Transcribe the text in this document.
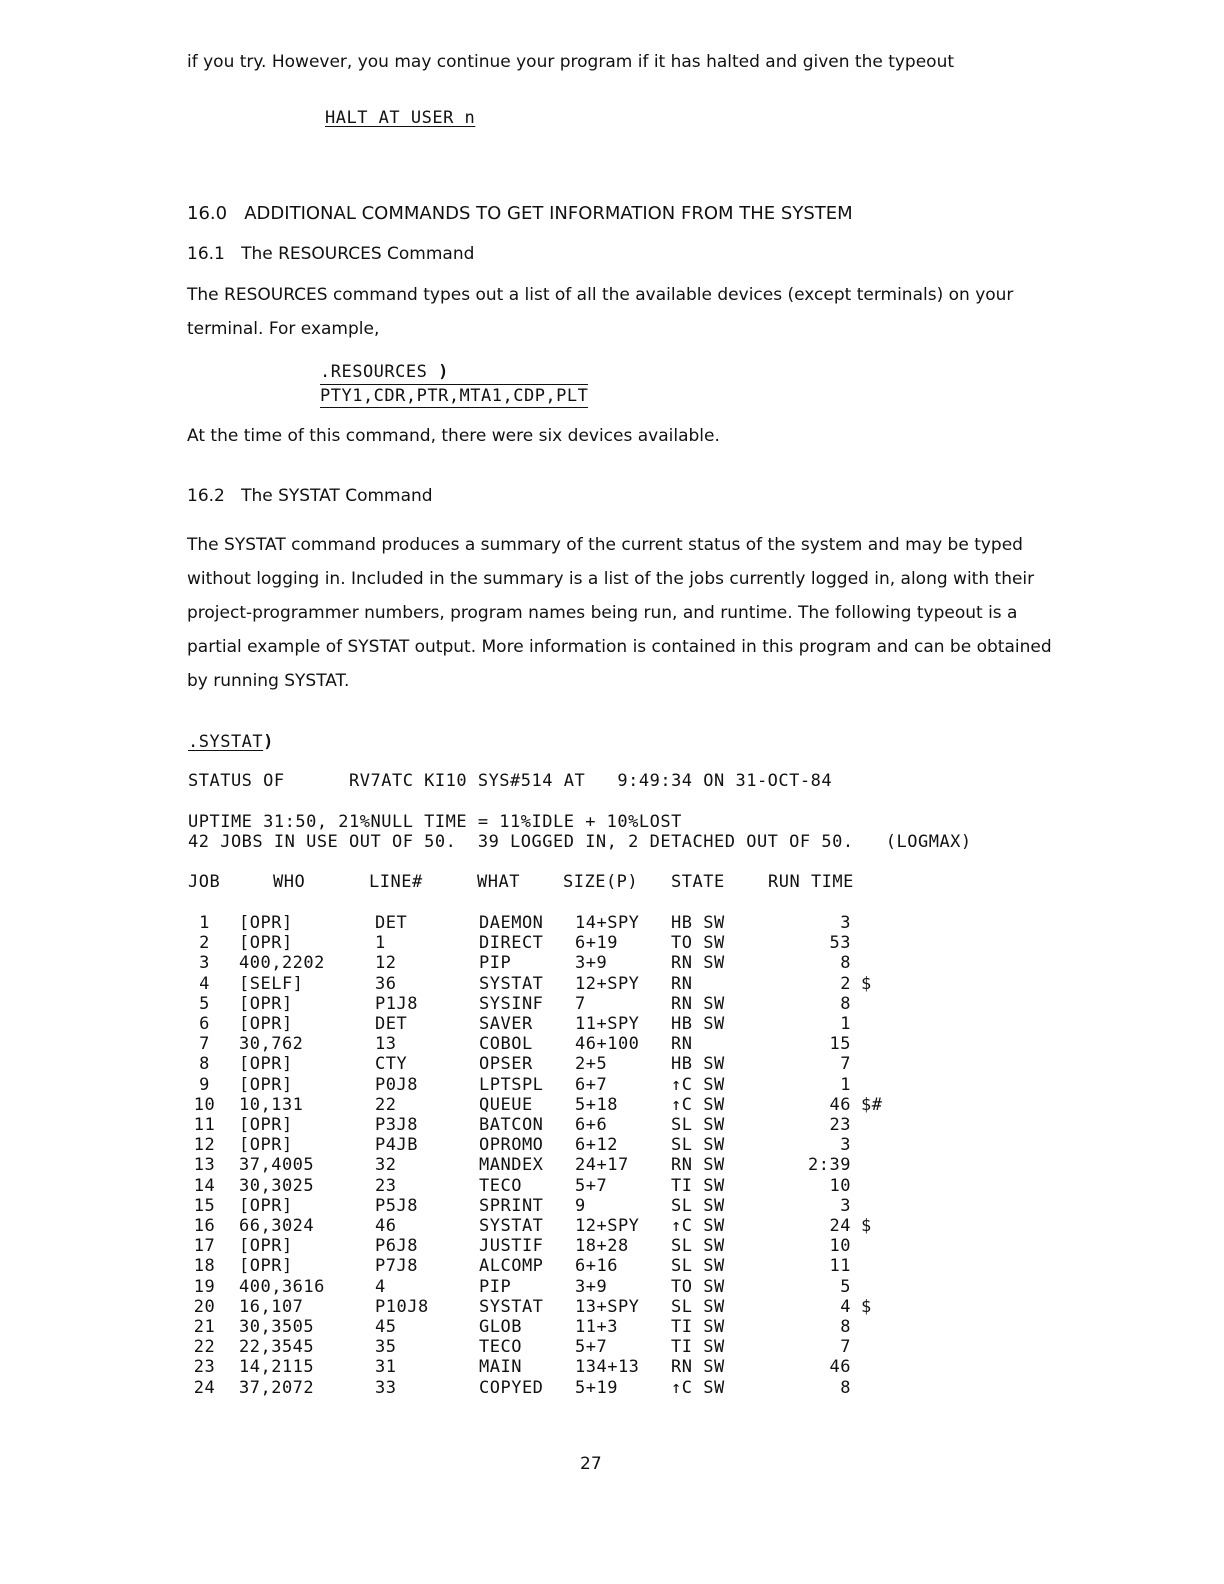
if you try. However, you may continue your program if it has halted and given the typeout
HALT AT USER n
16.0   ADDITIONAL COMMANDS TO GET INFORMATION FROM THE SYSTEM
16.1   The RESOURCES Command
The RESOURCES command types out a list of all the available devices (except terminals) on your terminal. For example,
.RESOURCES )
PTY1,CDR,PTR,MTA1,CDP,PLT
At the time of this command, there were six devices available.
16.2   The SYSTAT Command
The SYSTAT command produces a summary of the current status of the system and may be typed without logging in. Included in the summary is a list of the jobs currently logged in, along with their project-programmer numbers, program names being run, and runtime. The following typeout is a partial example of SYSTAT output. More information is contained in this program and can be obtained by running SYSTAT.
.SYSTAT)
STATUS OF      RV7ATC KI10 SYS#514 AT   9:49:34 ON 31-OCT-84
UPTIME 31:50, 21%NULL TIME = 11%IDLE + 10%LOST
42 JOBS IN USE OUT OF 50.  39 LOGGED IN, 2 DETACHED OUT OF 50.   (LOGMAX)
JOB	WHO	LINE#	WHAT	SIZE(P) STATE	RUN TIME
1	[OPR]	DET	DAEMON	14+SPY	HB SW	3	
2	[OPR]	1	DIRECT	6+19	TO SW	53	
3	400,2202	12	PIP	3+9	RN SW	8	
4	[SELF]	36	SYSTAT	12+SPY	RN	2	$
5	[OPR]	P1J8	SYSINF	7	RN SW	8	
6	[OPR]	DET	SAVER	11+SPY	HB SW	1	
7	30,762	13	COBOL	46+100	RN	15	
8	[OPR]	CTY	OPSER	2+5	HB SW	7	
9	[OPR]	P0J8	LPTSPL	6+7	↑C SW	1	
10	10,131	22	QUEUE	5+18	↑C SW	46	$#
11	[OPR]	P3J8	BATCON	6+6	SL SW	23	
12	[OPR]	P4JB	OPROMO	6+12	SL SW	3	
13	37,4005	32	MANDEX	24+17	RN SW	2:39	
14	30,3025	23	TECO	5+7	TI SW	10	
15	[OPR]	P5J8	SPRINT	9	SL SW	3	
16	66,3024	46	SYSTAT	12+SPY	↑C SW	24	$
17	[OPR]	P6J8	JUSTIF	18+28	SL SW	10	
18	[OPR]	P7J8	ALCOMP	6+16	SL SW	11	
19	400,3616	4	PIP	3+9	TO SW	5	
20	16,107	P10J8	SYSTAT	13+SPY	SL SW	4	$
21	30,3505	45	GLOB	11+3	TI SW	8	
22	22,3545	35	TECO	5+7	TI SW	7	
23	14,2115	31	MAIN	134+13	RN SW	46	
24	37,2072	33	COPYED	5+19	↑C SW	8	
27
